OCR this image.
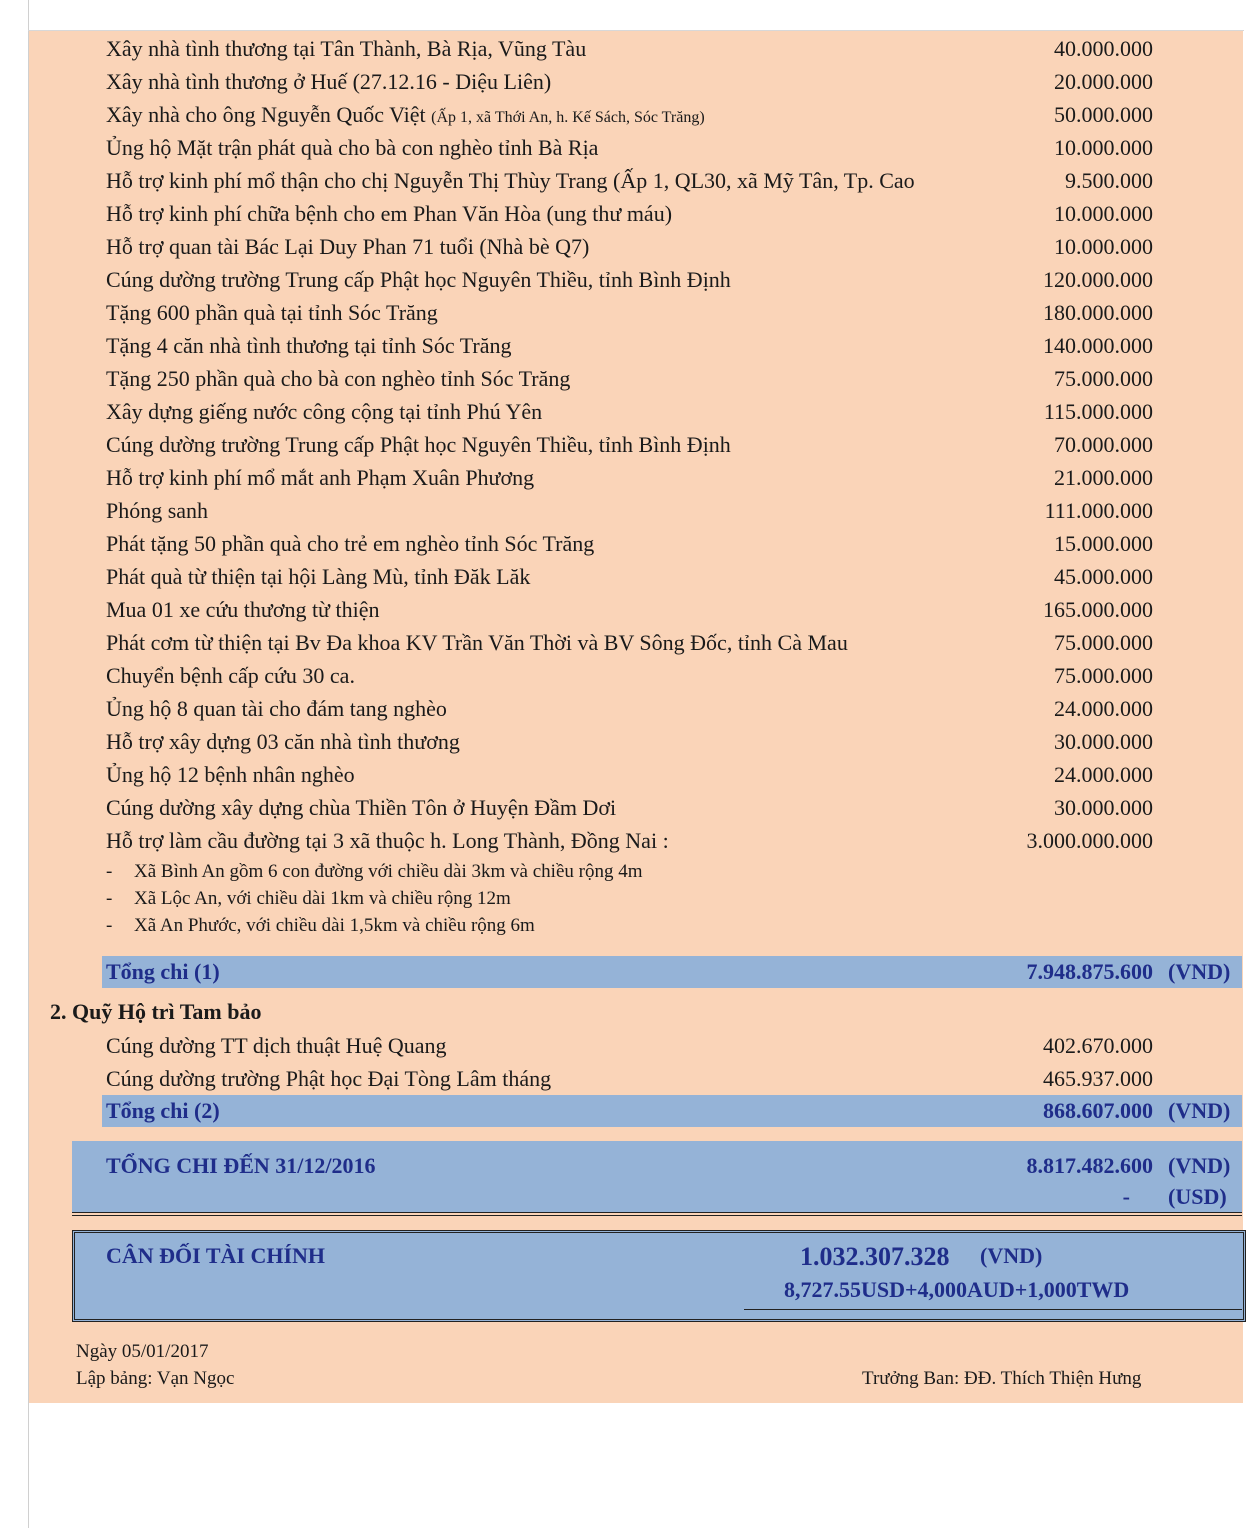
Xây nhà tình thương tại Tân Thành, Bà Rịa, Vũng Tàu	40.000.000
Xây nhà tình thương ở Huế (27.12.16 - Diệu Liên)	20.000.000
Xây nhà cho ông Nguyễn Quốc Việt (Ấp 1, xã Thới An, h. Kế Sách, Sóc Trăng)	50.000.000
Ủng hộ Mặt trận phát quà cho bà con nghèo tỉnh Bà Rịa	10.000.000
Hỗ trợ kinh phí mổ thận cho chị Nguyễn Thị Thùy Trang (Ấp 1, QL30, xã Mỹ Tân, Tp. Cao	9.500.000
Hỗ trợ kinh phí chữa bệnh cho em Phan Văn Hòa (ung thư máu)	10.000.000
Hỗ trợ quan tài Bác Lại Duy Phan 71 tuổi (Nhà bè Q7)	10.000.000
Cúng dường trường Trung cấp Phật học Nguyên Thiều, tỉnh Bình Định	120.000.000
Tặng 600 phần quà tại tỉnh Sóc Trăng	180.000.000
Tặng 4 căn nhà tình thương tại tỉnh Sóc Trăng	140.000.000
Tặng 250 phần quà cho bà con nghèo tỉnh Sóc Trăng	75.000.000
Xây dựng giếng nước công cộng tại tỉnh Phú Yên	115.000.000
Cúng dường trường Trung cấp Phật học Nguyên Thiều, tỉnh Bình Định	70.000.000
Hỗ trợ kinh phí mổ mắt anh Phạm Xuân Phương	21.000.000
Phóng sanh	111.000.000
Phát tặng 50 phần quà cho trẻ em nghèo tỉnh Sóc Trăng	15.000.000
Phát quà từ thiện tại hội Làng Mù, tỉnh Đăk Lăk	45.000.000
Mua 01 xe cứu thương từ thiện	165.000.000
Phát cơm từ thiện tại Bv Đa khoa KV Trần Văn Thời và BV Sông Đốc, tỉnh Cà Mau	75.000.000
Chuyển bệnh cấp cứu 30 ca.	75.000.000
Ủng hộ 8 quan tài cho đám tang nghèo	24.000.000
Hỗ trợ xây dựng 03 căn nhà tình thương	30.000.000
Ủng hộ 12 bệnh nhân nghèo	24.000.000
Cúng dường xây dựng chùa Thiền Tôn ở Huyện Đầm Dơi	30.000.000
Hỗ trợ làm cầu đường tại 3 xã thuộc h. Long Thành, Đồng Nai :	3.000.000.000
- Xã Bình An gồm 6 con đường với chiều dài 3km và chiều rộng 4m
- Xã Lộc An, với chiều dài 1km và chiều rộng 12m
- Xã An Phước, với chiều dài 1,5km và chiều rộng 6m
Tổng chi (1)	7.948.875.600 (VND)
2. Quỹ Hộ trì Tam bảo
Cúng dường TT dịch thuật Huệ Quang	402.670.000
Cúng dường trường Phật học Đại Tòng Lâm tháng	465.937.000
Tổng chi (2)	868.607.000 (VND)
TỔNG CHI ĐẾN 31/12/2016	8.817.482.600 (VND)
- (USD)
CÂN ĐỐI TÀI CHÍNH	1.032.307.328 (VND)
8,727.55USD+4,000AUD+1,000TWD
Ngày 05/01/2017
Lập bảng: Vạn Ngọc	Trưởng Ban: ĐĐ. Thích Thiện Hưng
